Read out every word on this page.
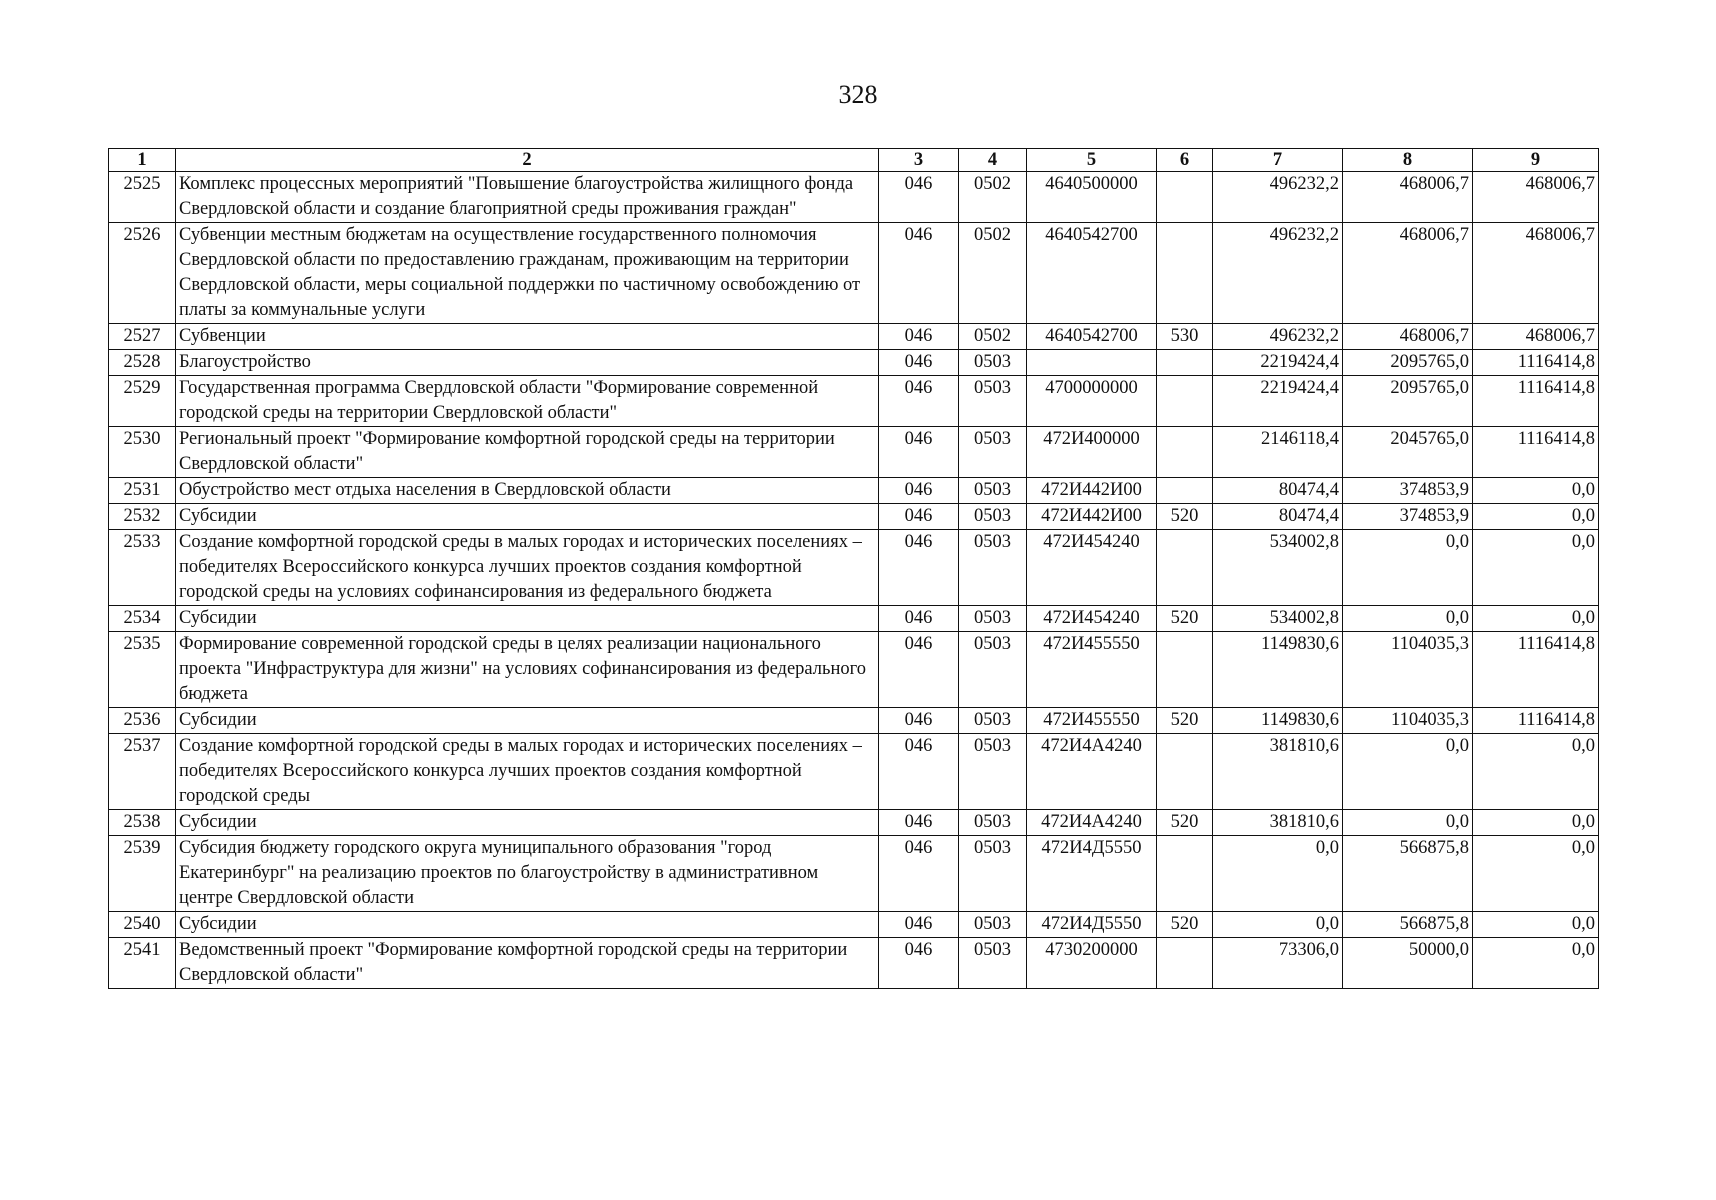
328
1	2	3	4	5	6	7	8	9
2525	Комплекс процессных мероприятий "Повышение благоустройства жилищного фонда Свердловской области и создание благоприятной среды проживания граждан"	046	0502	4640500000		496232,2	468006,7	468006,7
2526	Субвенции местным бюджетам на осуществление государственного полномочия Свердловской области по предоставлению гражданам, проживающим на территории Свердловской области, меры социальной поддержки по частичному освобождению от платы за коммунальные услуги	046	0502	4640542700		496232,2	468006,7	468006,7
2527	Субвенции	046	0502	4640542700	530	496232,2	468006,7	468006,7
2528	Благоустройство	046	0503			2219424,4	2095765,0	1116414,8
2529	Государственная программа Свердловской области "Формирование современной городской среды на территории Свердловской области"	046	0503	4700000000		2219424,4	2095765,0	1116414,8
2530	Региональный проект "Формирование комфортной городской среды на территории Свердловской области"	046	0503	472И400000		2146118,4	2045765,0	1116414,8
2531	Обустройство мест отдыха населения в Свердловской области	046	0503	472И442И00		80474,4	374853,9	0,0
2532	Субсидии	046	0503	472И442И00	520	80474,4	374853,9	0,0
2533	Создание комфортной городской среды в малых городах и исторических поселениях – победителях Всероссийского конкурса лучших проектов создания комфортной городской среды на условиях софинансирования из федерального бюджета	046	0503	472И454240		534002,8	0,0	0,0
2534	Субсидии	046	0503	472И454240	520	534002,8	0,0	0,0
2535	Формирование современной городской среды в целях реализации национального проекта "Инфраструктура для жизни" на условиях софинансирования из федерального бюджета	046	0503	472И455550		1149830,6	1104035,3	1116414,8
2536	Субсидии	046	0503	472И455550	520	1149830,6	1104035,3	1116414,8
2537	Создание комфортной городской среды в малых городах и исторических поселениях – победителях Всероссийского конкурса лучших проектов создания комфортной городской среды	046	0503	472И4А4240		381810,6	0,0	0,0
2538	Субсидии	046	0503	472И4А4240	520	381810,6	0,0	0,0
2539	Субсидия бюджету городского округа муниципального образования "город Екатеринбург" на реализацию проектов по благоустройству в административном центре Свердловской области	046	0503	472И4Д5550		0,0	566875,8	0,0
2540	Субсидии	046	0503	472И4Д5550	520	0,0	566875,8	0,0
2541	Ведомственный проект "Формирование комфортной городской среды на территории Свердловской области"	046	0503	4730200000		73306,0	50000,0	0,0
